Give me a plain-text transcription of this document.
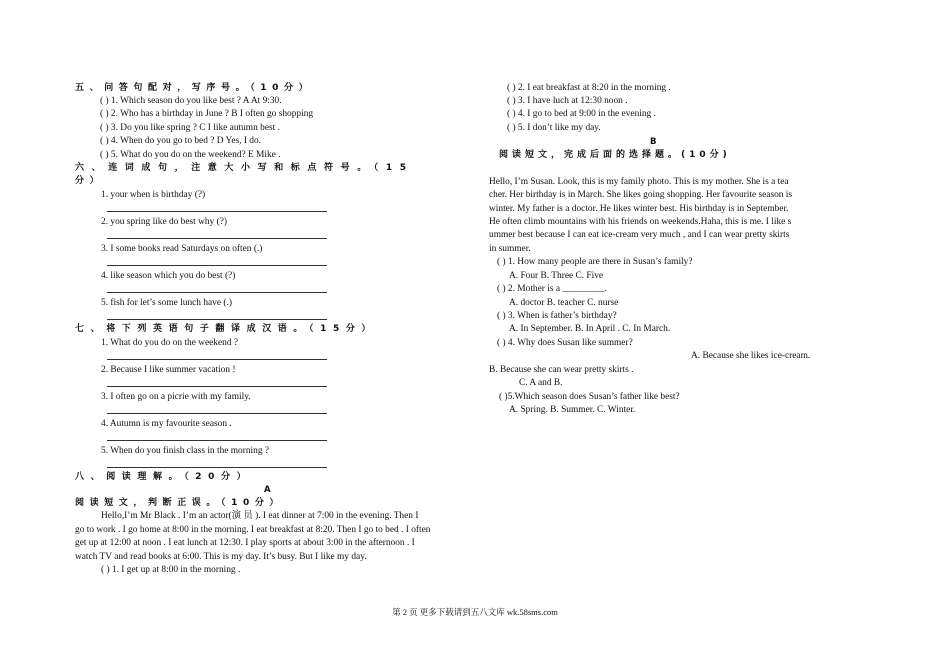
五、问答句配对，写序号。（10分）
( ) 1. Which season do you like best ? A At 9:30.
( ) 2. Who has a birthday in June ? B I often go shopping
( ) 3. Do you like spring ? C I like autumn best .
( ) 4. When do you go to bed ? D Yes, I do.
( ) 5. What do you do on the weekend? E Mike .
六、连词成句，注意大小写和标点符号。（15
分）
1. your when is birthday (?)
2. you spring like do best why (?)
3. I some books read Saturdays on often (.)
4. like season which you do best (?)
5. fish for let’s some lunch have (.)
七、将下列英语句子翻译成汉语。（15分）
1. What do you do on the weekend ?
2. Because I like summer vacation !
3. I often go on a picrie with my family.
4. Autumn is my favourite season .
5. When do you finish class in the morning ?
八、阅读理解。（20分）
A
阅读短文，判断正误。（10分）
Hello,I’m Mr Black . I’m an actor(演 员 ). I eat dinner at 7:00 in the evening. Then I
go to work . I go home at 8:00 in the morning. I eat breakfast at 8:20. Then I go to bed . I often
get up at 12:00 at noon . I eat lunch at 12:30. I play sports at about 3:00 in the afternoon . I
watch TV and read books at 6:00. This is my day. It’s busy. But I like my day.
( ) 1. I get up at 8:00 in the morning .
( ) 2. I eat breakfast at 8:20 in the morning .
( ) 3. I have luch at 12:30 noon .
( ) 4. I go to bed at 9:00 in the evening .
( ) 5. I don’t like my day.
B
阅读短文，完成后面的选择题。(10分)
Hello, I’m Susan. Look, this is my family photo. This is my mother. She is a tea
cher. Her birthday is in March. She likes going shopping. Her favourite season is
winter. My father is a doctor. He likes winter best. His birthday is in September.
He often climb mountains with his friends on weekends.Haha, this is me. I like s
ummer best because I can eat ice-cream very much , and I can wear pretty skirts
in summer.
( ) 1. How many people are there in Susan’s family?
A. Four B. Three C. Five
( ) 2. Mother is a _________.
A. doctor B. teacher C. nurse
( ) 3. When is father’s birthday?
A. In September. B. In April . C. In March.
( ) 4. Why does Susan like summer?
A. Because she likes ice-cream.
B. Because she can wear pretty skirts .
C. A and B.
( )5.Which season does Susan’s father like best?
A. Spring. B. Summer. C. Winter.
第 2 页 更多下载请到五八文库 wk.58sms.com
